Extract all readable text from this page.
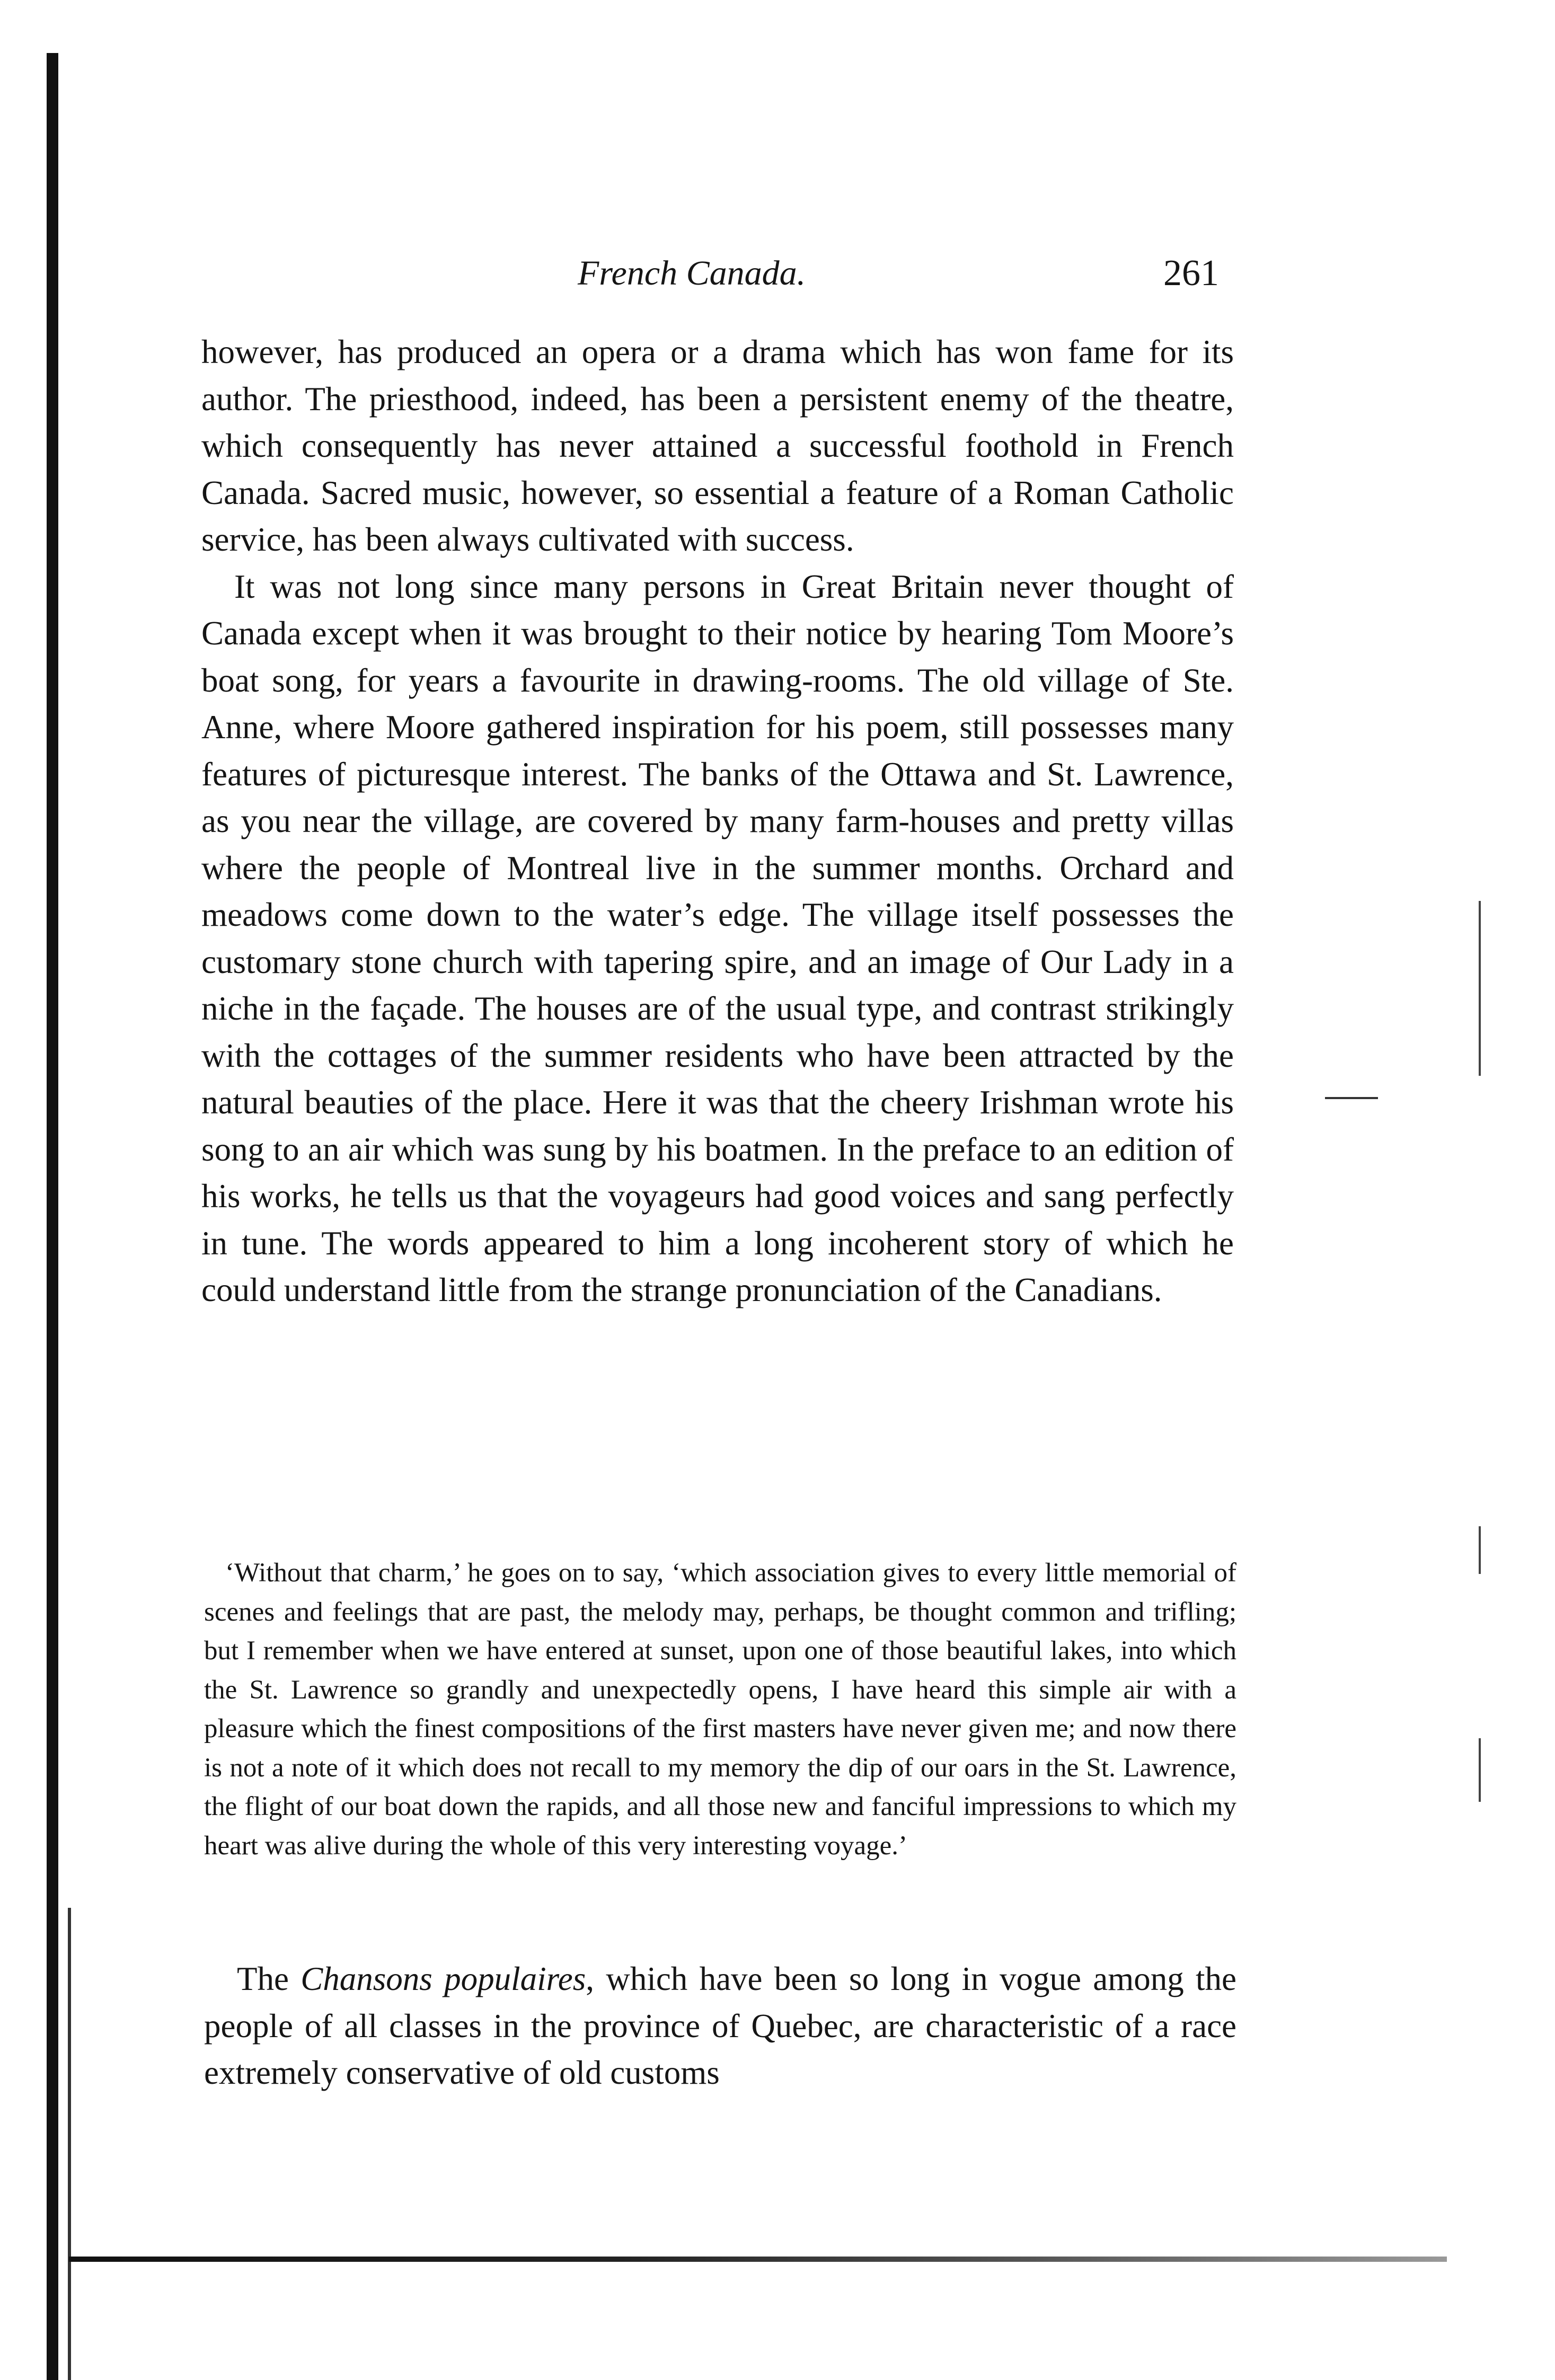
French Canada.	261

however, has produced an opera or a drama which has won fame for its author. The priesthood, indeed, has been a persistent enemy of the theatre, which consequently has never attained a successful foothold in French Canada. Sacred music, however, so essential a feature of a Roman Catholic service, has been always cultivated with success.

It was not long since many persons in Great Britain never thought of Canada except when it was brought to their notice by hearing Tom Moore’s boat song, for years a favourite in drawing-rooms. The old village of Ste. Anne, where Moore gathered inspiration for his poem, still possesses many features of picturesque interest. The banks of the Ottawa and St. Lawrence, as you near the village, are covered by many farm-houses and pretty villas where the people of Montreal live in the summer months. Orchard and meadows come down to the water’s edge. The village itself possesses the customary stone church with tapering spire, and an image of Our Lady in a niche in the façade. The houses are of the usual type, and contrast strikingly with the cottages of the summer residents who have been attracted by the natural beauties of the place. Here it was that the cheery Irishman wrote his song to an air which was sung by his boatmen. In the preface to an edition of his works, he tells us that the voyageurs had good voices and sang perfectly in tune. The words appeared to him a long incoherent story of which he could understand little from the strange pronunciation of the Canadians.

‘Without that charm,’ he goes on to say, ‘which association gives to every little memorial of scenes and feelings that are past, the melody may, perhaps, be thought common and trifling; but I remember when we have entered at sunset, upon one of those beautiful lakes, into which the St. Lawrence so grandly and unexpectedly opens, I have heard this simple air with a pleasure which the finest compositions of the first masters have never given me; and now there is not a note of it which does not recall to my memory the dip of our oars in the St. Lawrence, the flight of our boat down the rapids, and all those new and fanciful impressions to which my heart was alive during the whole of this very interesting voyage.’

The Chansons populaires, which have been so long in vogue among the people of all classes in the province of Quebec, are characteristic of a race extremely conservative of old customs
